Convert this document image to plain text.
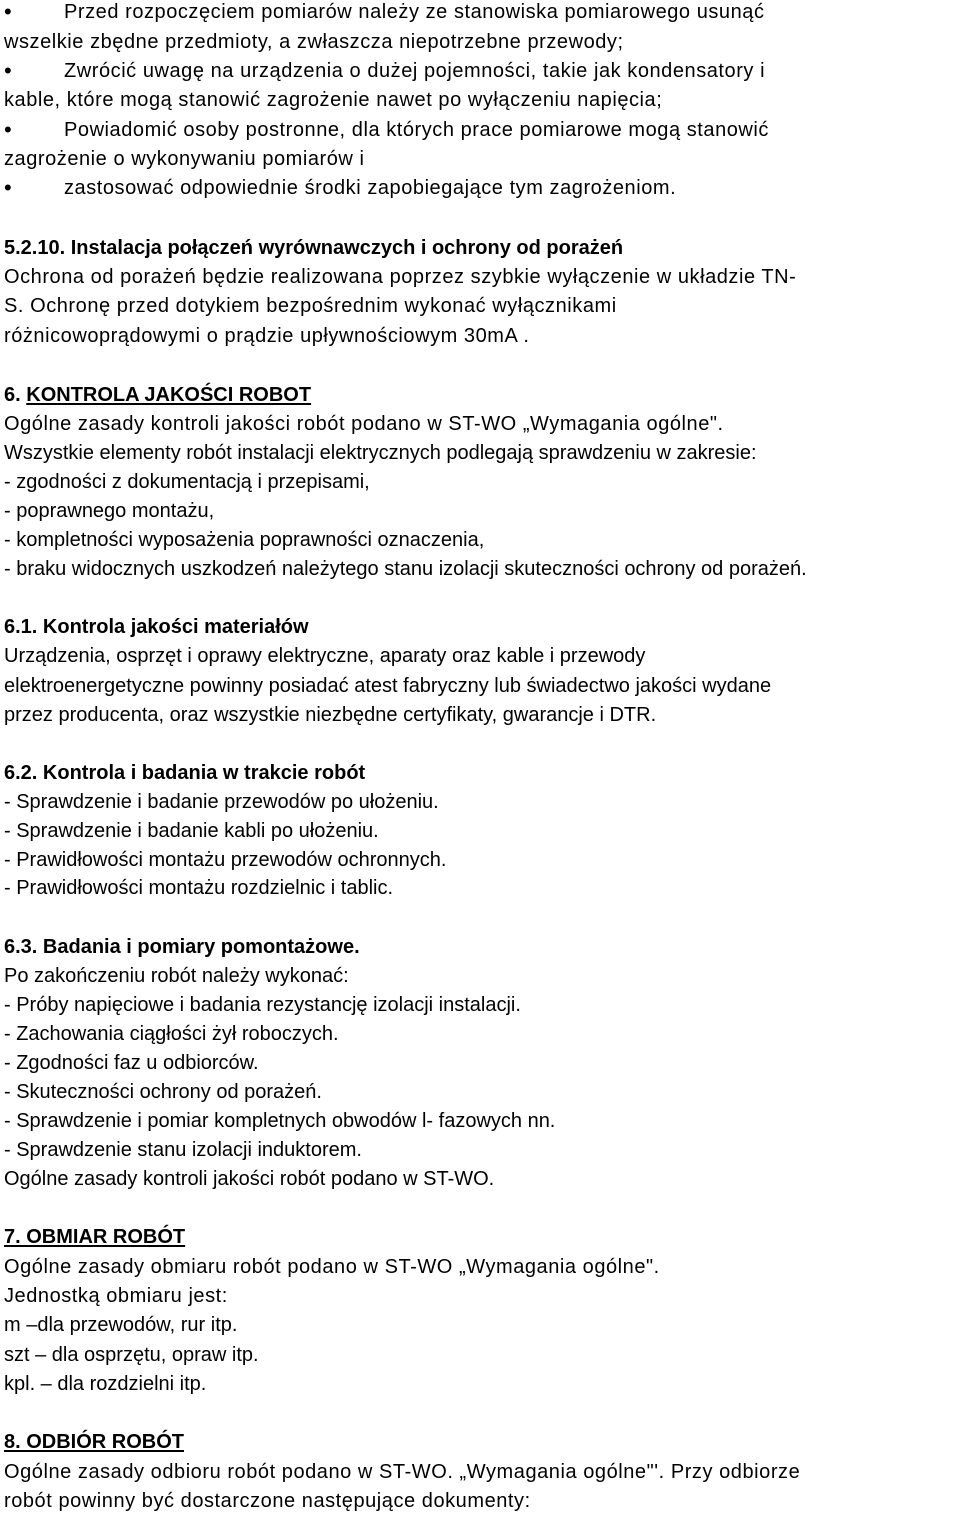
•	Przed rozpoczęciem pomiarów należy ze stanowiska pomiarowego usunąć
wszelkie zbędne przedmioty, a zwłaszcza niepotrzebne przewody;
•	Zwrócić uwagę na urządzenia o dużej pojemności, takie jak kondensatory i
kable, które mogą stanowić zagrożenie nawet po wyłączeniu napięcia;
•	Powiadomić osoby postronne, dla których prace pomiarowe mogą stanowić
zagrożenie o wykonywaniu pomiarów i
•	zastosować odpowiednie środki zapobiegające tym zagrożeniom.
5.2.10. Instalacja połączeń wyrównawczych i ochrony od porażeń
Ochrona od porażeń będzie realizowana poprzez szybkie wyłączenie w układzie TN-
S. Ochronę przed dotykiem bezpośrednim wykonać wyłącznikami
różnicowoprądowymi o prądzie upływnościowym 30mA .
6. KONTROLA JAKOŚCI ROBOT
Ogólne zasady kontroli jakości robót podano w ST-WO „Wymagania ogólne".
Wszystkie elementy robót instalacji elektrycznych podlegają sprawdzeniu w zakresie:
- zgodności z dokumentacją i przepisami,
- poprawnego montażu,
- kompletności wyposażenia poprawności oznaczenia,
- braku widocznych uszkodzeń należytego stanu izolacji skuteczności ochrony od porażeń.
6.1. Kontrola jakości materiałów
Urządzenia, osprzęt i oprawy elektryczne, aparaty oraz kable i przewody
elektroenergetyczne powinny posiadać atest fabryczny lub świadectwo jakości wydane
przez producenta, oraz wszystkie niezbędne certyfikaty, gwarancje i DTR.
6.2. Kontrola i badania w trakcie robót
- Sprawdzenie i badanie przewodów po ułożeniu.
- Sprawdzenie i badanie kabli po ułożeniu.
- Prawidłowości montażu przewodów ochronnych.
- Prawidłowości montażu rozdzielnic i tablic.
6.3. Badania i pomiary pomontażowe.
Po zakończeniu robót należy wykonać:
- Próby napięciowe i badania rezystancję izolacji instalacji.
- Zachowania ciągłości żył roboczych.
- Zgodności faz u odbiorców.
- Skuteczności ochrony od porażeń.
- Sprawdzenie i pomiar kompletnych obwodów l- fazowych nn.
- Sprawdzenie stanu izolacji induktorem.
Ogólne zasady kontroli jakości robót podano w ST-WO.
7. OBMIAR ROBÓT
Ogólne zasady obmiaru robót podano w ST-WO „Wymagania ogólne".
Jednostką obmiaru jest:
m –dla przewodów, rur itp.
szt – dla osprzętu, opraw itp.
kpl. – dla rozdzielni itp.
8. ODBIÓR ROBÓT
Ogólne zasady odbioru robót podano w ST-WO. „Wymagania ogólne"'. Przy odbiorze
robót powinny być dostarczone następujące dokumenty:
